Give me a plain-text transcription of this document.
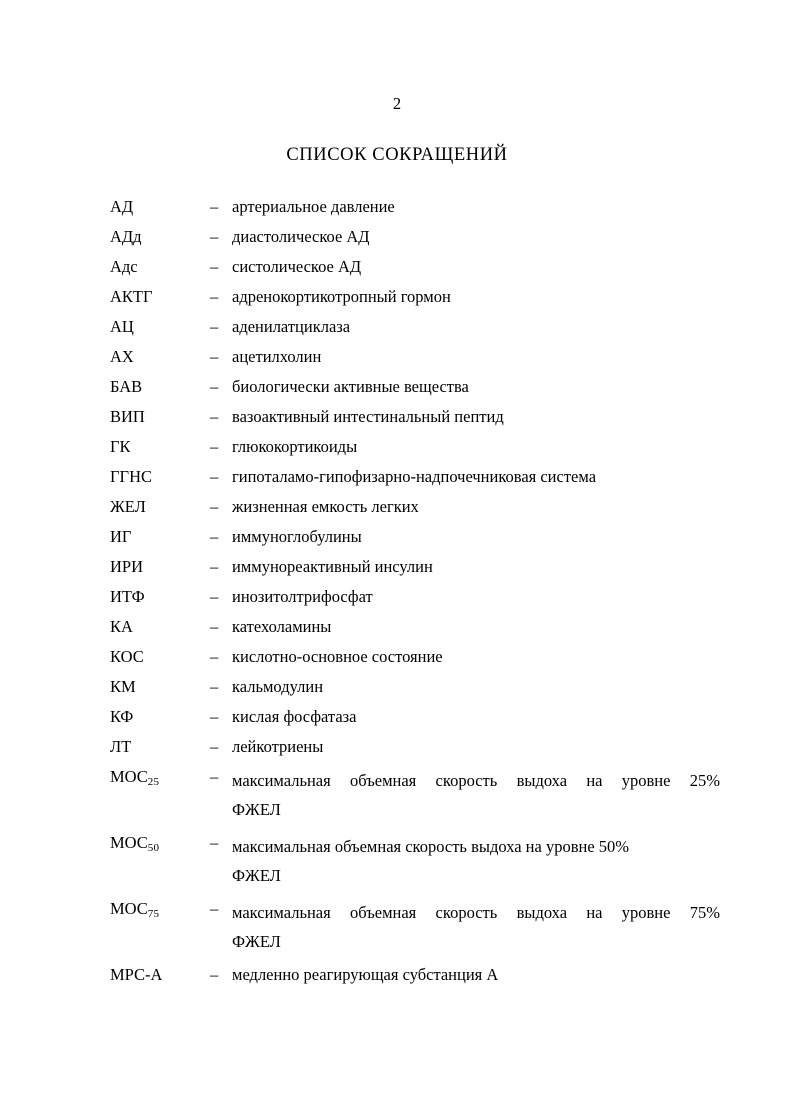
2
СПИСОК СОКРАЩЕНИЙ
АД	– артериальное давление
АДд	– диастолическое АД
Адс	– систолическое АД
АКТГ	– адренокортикотропный гормон
АЦ	– аденилатциклаза
АХ	– ацетилхолин
БАВ	– биологически активные вещества
ВИП	– вазоактивный интестинальный пептид
ГК	– глюкокортикоиды
ГГНС	– гипоталамо-гипофизарно-надпочечниковая система
ЖЕЛ	– жизненная емкость легких
ИГ	– иммуноглобулины
ИРИ	– иммунореактивный инсулин
ИТФ	– инозитолтрифосфат
КА	– катехоламины
КОС	– кислотно-основное состояние
КМ	– кальмодулин
КФ	– кислая фосфатаза
ЛТ	– лейкотриены
$МОС_{25}$	– максимальная объемная скорость выдоха на уровне 25%
ФЖЕЛ
$МОС_{50}$	– максимальная объемная скорость выдоха на уровне 50%
ФЖЕЛ
$МОС_{75}$	– максимальная объемная скорость выдоха на уровне 75%
ФЖЕЛ
МРС-А	– медленно реагирующая субстанция А
